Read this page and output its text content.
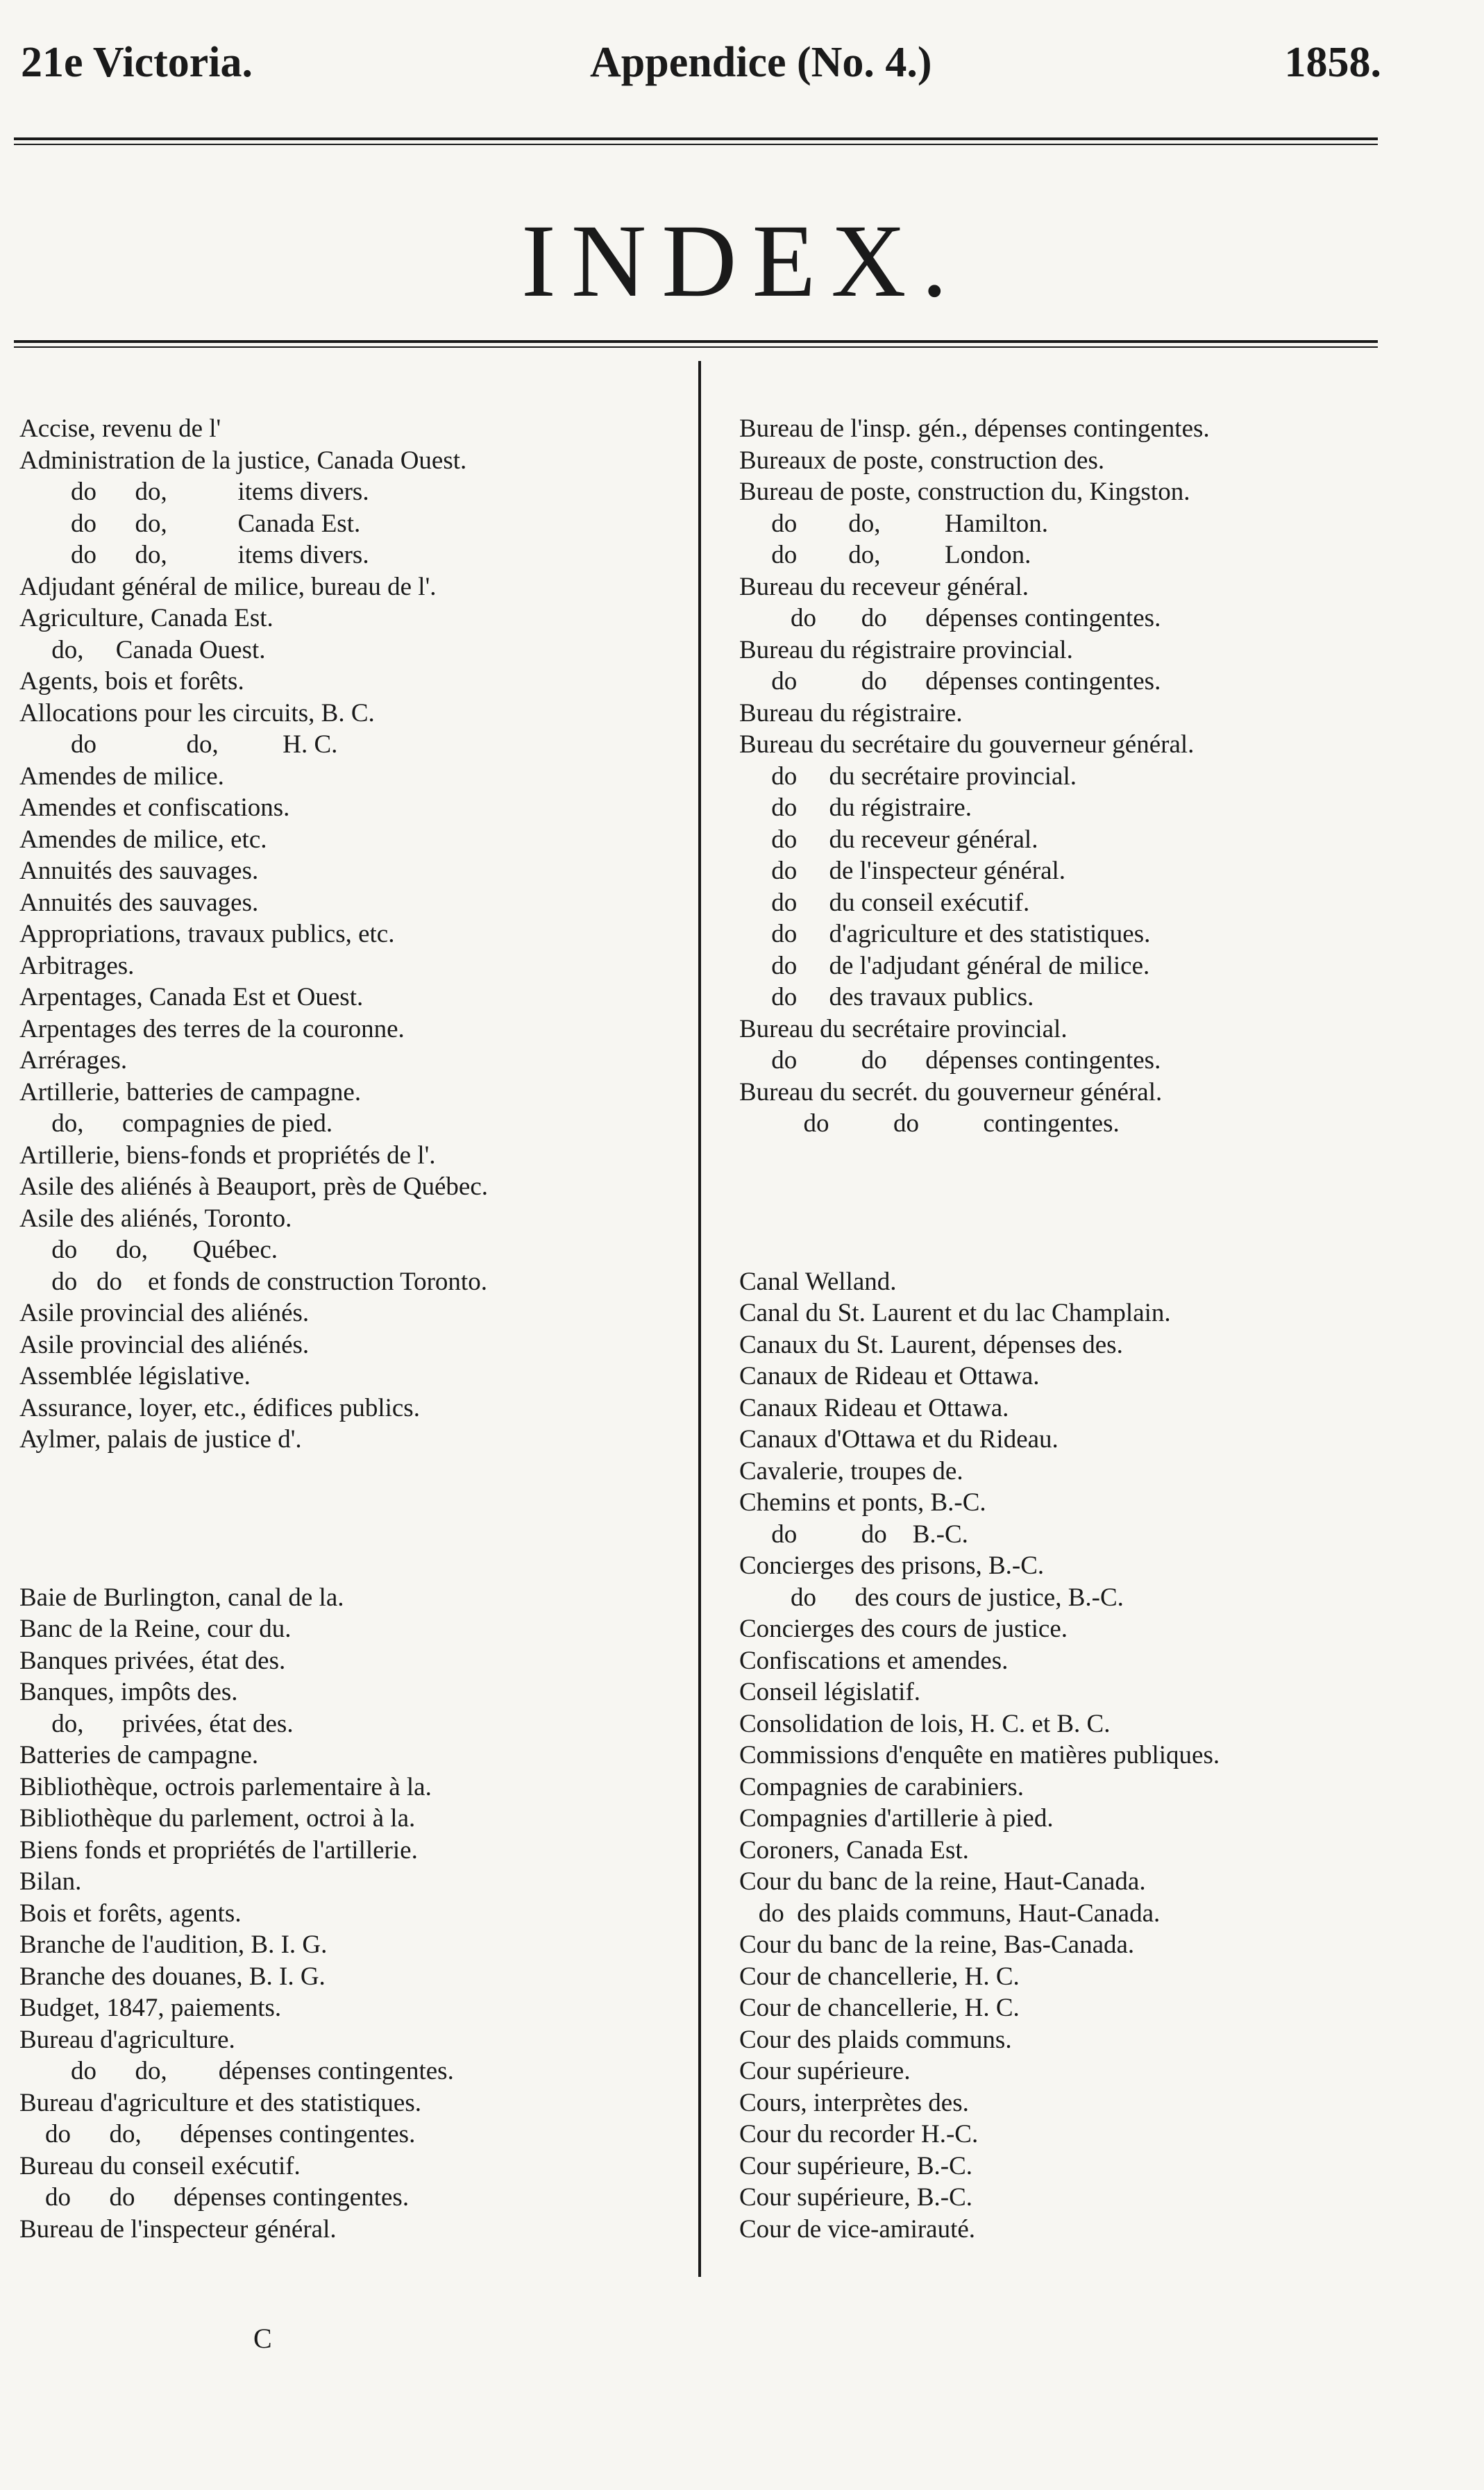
21e Victoria.	Appendice (No. 4.)	1858.
INDEX.
Accise, revenu de l'
Administration de la justice, Canada Ouest.
do      do,           items divers.
do      do,           Canada Est.
do      do,           items divers.
Adjudant général de milice, bureau de l'.
Agriculture, Canada Est.
do,     Canada Ouest.
Agents, bois et forêts.
Allocations pour les circuits, B. C.
do              do,          H. C.
Amendes de milice.
Amendes et confiscations.
Amendes de milice, etc.
Annuités des sauvages.
Annuités des sauvages.
Appropriations, travaux publics, etc.
Arbitrages.
Arpentages, Canada Est et Ouest.
Arpentages des terres de la couronne.
Arrérages.
Artillerie, batteries de campagne.
do,      compagnies de pied.
Artillerie, biens-fonds et propriétés de l'.
Asile des aliénés à Beauport, près de Québec.
Asile des aliénés, Toronto.
do      do,       Québec.
do   do    et fonds de construction Toronto.
Asile provincial des aliénés.
Asile provincial des aliénés.
Assemblée législative.
Assurance, loyer, etc., édifices publics.
Aylmer, palais de justice d'.
Baie de Burlington, canal de la.
Banc de la Reine, cour du.
Banques privées, état des.
Banques, impôts des.
do,      privées, état des.
Batteries de campagne.
Bibliothèque, octrois parlementaire à la.
Bibliothèque du parlement, octroi à la.
Biens fonds et propriétés de l'artillerie.
Bilan.
Bois et forêts, agents.
Branche de l'audition, B. I. G.
Branche des douanes, B. I. G.
Budget, 1847, paiements.
Bureau d'agriculture.
do      do,        dépenses contingentes.
Bureau d'agriculture et des statistiques.
do      do,      dépenses contingentes.
Bureau du conseil exécutif.
do      do      dépenses contingentes.
Bureau de l'inspecteur général.
Bureau de l'insp. gén., dépenses contingentes.
Bureaux de poste, construction des.
Bureau de poste, construction du, Kingston.
do        do,          Hamilton.
do        do,          London.
Bureau du receveur général.
do       do      dépenses contingentes.
Bureau du régistraire provincial.
do          do      dépenses contingentes.
Bureau du régistraire.
Bureau du secrétaire du gouverneur général.
do     du secrétaire provincial.
do     du régistraire.
do     du receveur général.
do     de l'inspecteur général.
do     du conseil exécutif.
do     d'agriculture et des statistiques.
do     de l'adjudant général de milice.
do     des travaux publics.
Bureau du secrétaire provincial.
do          do      dépenses contingentes.
Bureau du secrét. du gouverneur général.
do          do          contingentes.
Canal Welland.
Canal du St. Laurent et du lac Champlain.
Canaux du St. Laurent, dépenses des.
Canaux de Rideau et Ottawa.
Canaux Rideau et Ottawa.
Canaux d'Ottawa et du Rideau.
Cavalerie, troupes de.
Chemins et ponts, B.-C.
do          do    B.-C.
Concierges des prisons, B.-C.
do      des cours de justice, B.-C.
Concierges des cours de justice.
Confiscations et amendes.
Conseil législatif.
Consolidation de lois, H. C. et B. C.
Commissions d'enquête en matières publiques.
Compagnies de carabiniers.
Compagnies d'artillerie à pied.
Coroners, Canada Est.
Cour du banc de la reine, Haut-Canada.
do  des plaids communs, Haut-Canada.
Cour du banc de la reine, Bas-Canada.
Cour de chancellerie, H. C.
Cour de chancellerie, H. C.
Cour des plaids communs.
Cour supérieure.
Cours, interprètes des.
Cour du recorder H.-C.
Cour supérieure, B.-C.
Cour supérieure, B.-C.
Cour de vice-amirauté.
C
